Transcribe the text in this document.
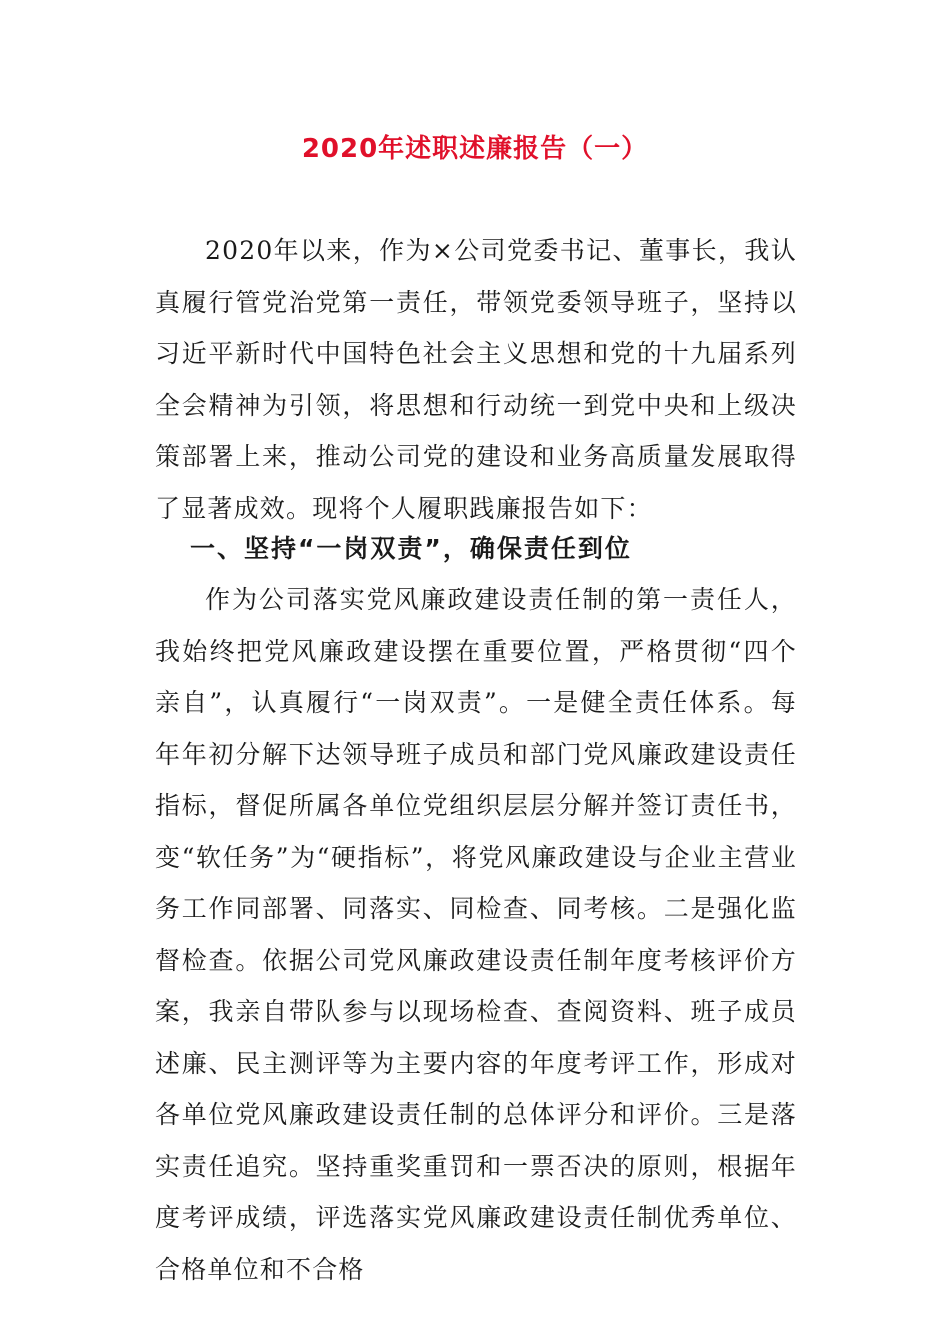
2020年述职述廉报告（一）
2020年以来，作为×公司党委书记、董事长，我认真履行管党治党第一责任，带领党委领导班子，坚持以习近平新时代中国特色社会主义思想和党的十九届系列全会精神为引领，将思想和行动统一到党中央和上级决策部署上来，推动公司党的建设和业务高质量发展取得了显著成效。现将个人履职践廉报告如下：
一、坚持“一岗双责”，确保责任到位
作为公司落实党风廉政建设责任制的第一责任人，我始终把党风廉政建设摆在重要位置，严格贯彻“四个亲自”，认真履行“一岗双责”。一是健全责任体系。每年年初分解下达领导班子成员和部门党风廉政建设责任指标，督促所属各单位党组织层层分解并签订责任书，变“软任务”为“硬指标”，将党风廉政建设与企业主营业务工作同部署、同落实、同检查、同考核。二是强化监督检查。依据公司党风廉政建设责任制年度考核评价方案，我亲自带队参与以现场检查、查阅资料、班子成员述廉、民主测评等为主要内容的年度考评工作，形成对各单位党风廉政建设责任制的总体评分和评价。三是落实责任追究。坚持重奖重罚和一票否决的原则，根据年度考评成绩，评选落实党风廉政建设责任制优秀单位、合格单位和不合格
